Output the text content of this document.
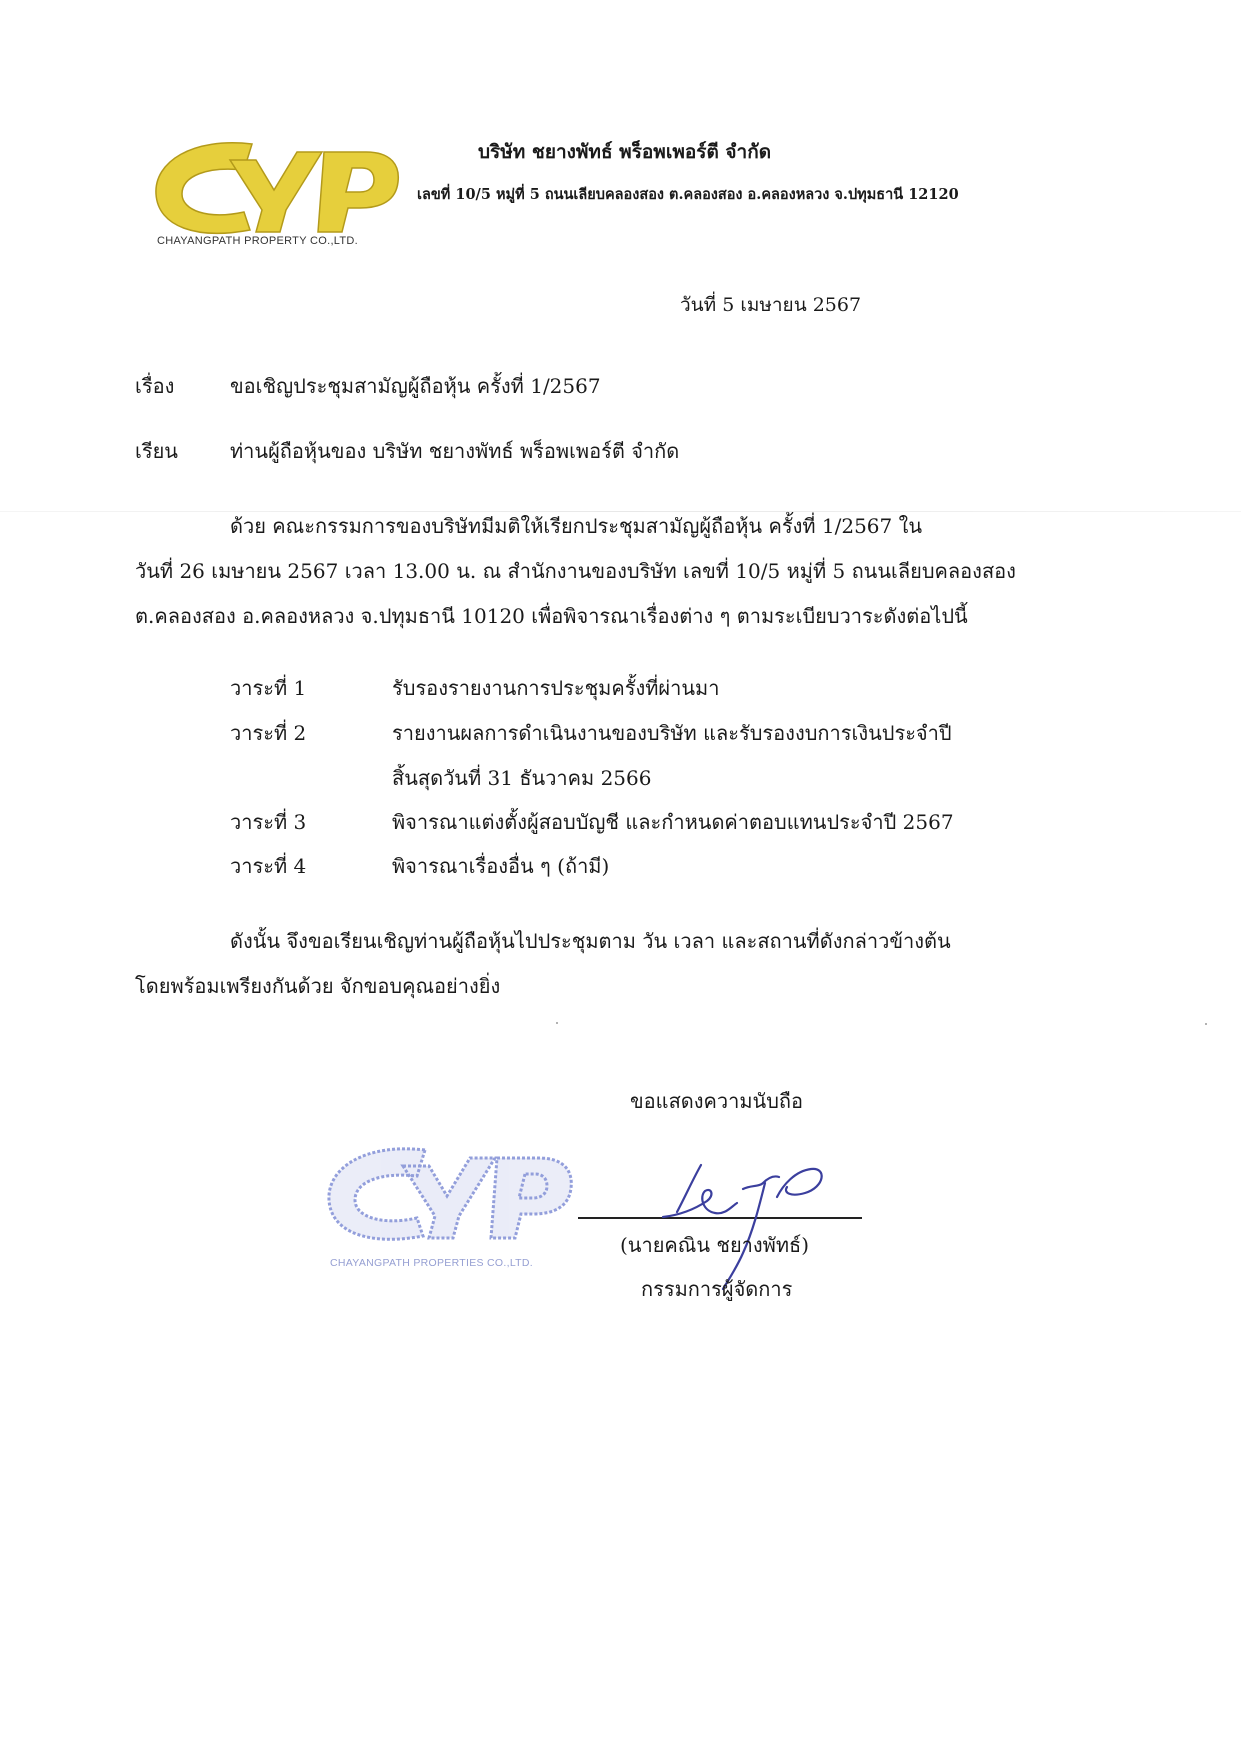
CHAYANGPATH PROPERTY CO.,LTD.
บริษัท ชยางพัทธ์ พร็อพเพอร์ตี จำกัด
เลขที่ 10/5 หมู่ที่ 5 ถนนเลียบคลองสอง ต.คลองสอง อ.คลองหลวง จ.ปทุมธานี 12120
วันที่ 5 เมษายน 2567
เรื่อง	ขอเชิญประชุมสามัญผู้ถือหุ้น ครั้งที่ 1/2567
เรียน	ท่านผู้ถือหุ้นของ บริษัท ชยางพัทธ์ พร็อพเพอร์ตี จำกัด
ด้วย คณะกรรมการของบริษัทมีมติให้เรียกประชุมสามัญผู้ถือหุ้น ครั้งที่ 1/2567 ใน
วันที่ 26 เมษายน 2567 เวลา 13.00 น. ณ สำนักงานของบริษัท เลขที่ 10/5 หมู่ที่ 5 ถนนเลียบคลองสอง
ต.คลองสอง อ.คลองหลวง จ.ปทุมธานี 10120 เพื่อพิจารณาเรื่องต่าง ๆ ตามระเบียบวาระดังต่อไปนี้
วาระที่ 1	รับรองรายงานการประชุมครั้งที่ผ่านมา
วาระที่ 2	รายงานผลการดำเนินงานของบริษัท และรับรองงบการเงินประจำปี
สิ้นสุดวันที่ 31 ธันวาคม 2566
วาระที่ 3	พิจารณาแต่งตั้งผู้สอบบัญชี และกำหนดค่าตอบแทนประจำปี 2567
วาระที่ 4	พิจารณาเรื่องอื่น ๆ (ถ้ามี)
ดังนั้น จึงขอเรียนเชิญท่านผู้ถือหุ้นไปประชุมตาม วัน เวลา และสถานที่ดังกล่าวข้างต้น
โดยพร้อมเพรียงกันด้วย จักขอบคุณอย่างยิ่ง
ขอแสดงความนับถือ
CHAYANGPATH PROPERTIES CO.,LTD.
(นายคณิน ชยางพัทธ์)
กรรมการผู้จัดการ
